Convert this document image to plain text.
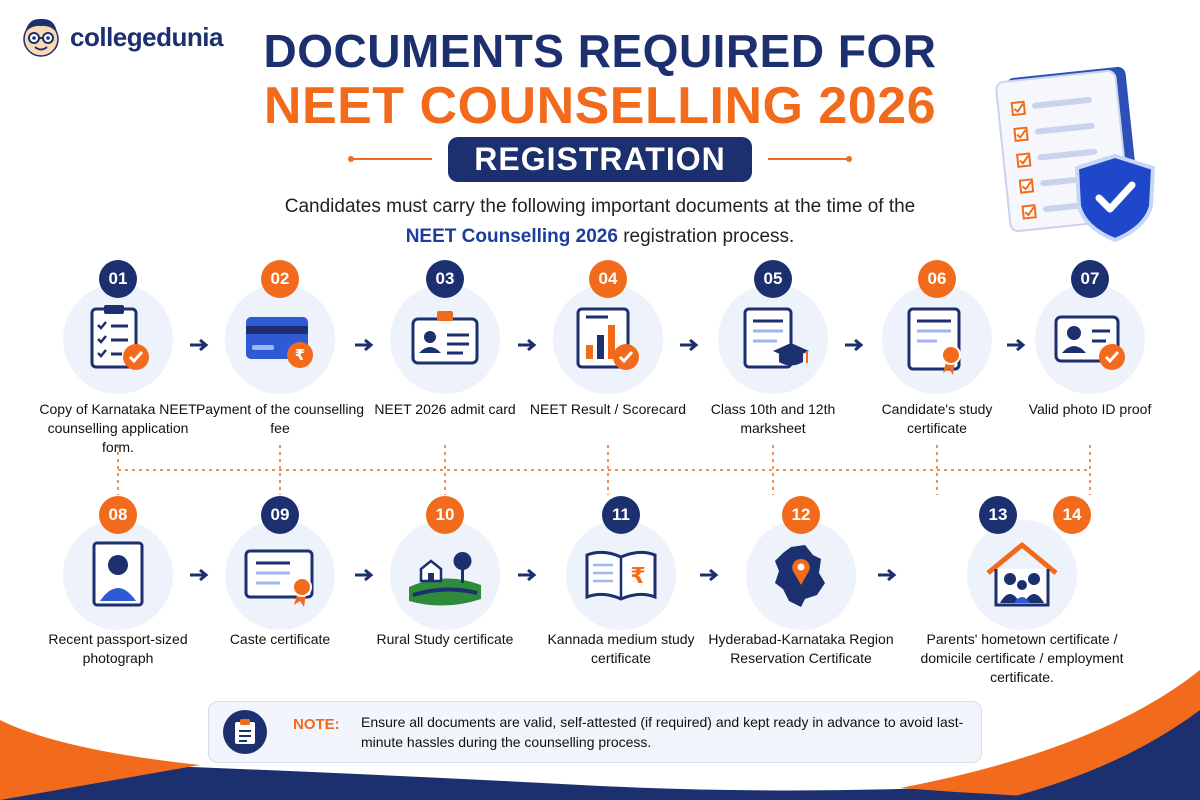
collegedunia DOCUMENTS REQUIRED FOR
NEET COUNSELLING 2026
REGISTRATION
Candidates must carry the following important documents at the time of the
NEET Counselling 2026 registration process.
01
Copy of Karnataka NEET counselling application form.
02
₹
Payment of the counselling fee
03
NEET 2026 admit card
04
NEET Result / Scorecard
05
Class 10th and 12th marksheet
06
Candidate's study certificate
07
Valid photo ID proof
08
Recent passport-sized photograph
09
Caste certificate
10
Rural Study certificate
11
₹
Kannada medium study certificate
12
Hyderabad-Karnataka Region Reservation Certificate
13	14
Parents' hometown certificate / domicile certificate / employment certificate.
NOTE:	Ensure all documents are valid, self-attested (if required) and kept ready in advance to avoid last-minute hassles during the counselling process.
